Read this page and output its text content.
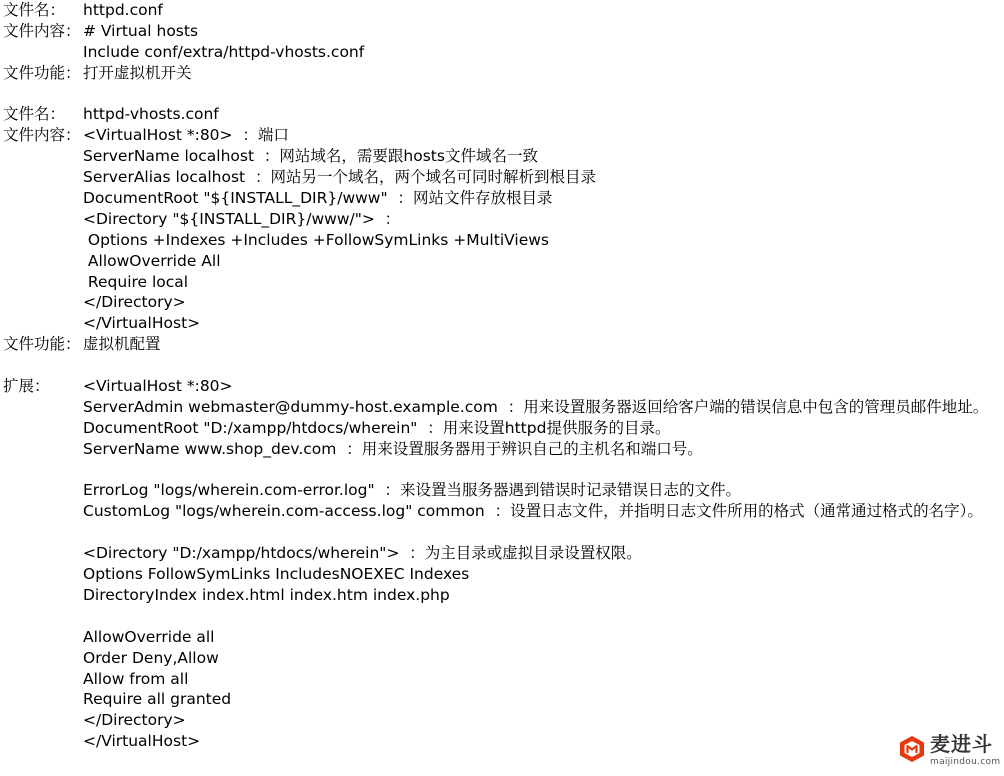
文件名：	httpd.conf
文件内容： # Virtual hosts
Include conf/extra/httpd-vhosts.conf
文件功能： 打开虚拟机开关
文件名：	httpd-vhosts.conf
文件内容： <VirtualHost *:80>  ：端口
ServerName localhost  ：网站域名，需要跟hosts文件域名一致
ServerAlias localhost  ：网站另一个域名，两个域名可同时解析到根目录
DocumentRoot "${INSTALL_DIR}/www"  ：网站文件存放根目录
<Directory "${INSTALL_DIR}/www/">  ：
Options +Indexes +Includes +FollowSymLinks +MultiViews
AllowOverride All
Require local
</Directory>
</VirtualHost>
文件功能： 虚拟机配置
扩展：	<VirtualHost *:80>
ServerAdmin webmaster@dummy-host.example.com  ：用来设置服务器返回给客户端的错误信息中包含的管理员邮件地址。
DocumentRoot "D:/xampp/htdocs/wherein"  ：用来设置httpd提供服务的目录。
ServerName www.shop_dev.com  ：用来设置服务器用于辨识自己的主机名和端口号。
ErrorLog "logs/wherein.com-error.log"  ：来设置当服务器遇到错误时记录错误日志的文件。
CustomLog "logs/wherein.com-access.log" common  ：设置日志文件，并指明日志文件所用的格式（通常通过格式的名字）。
<Directory "D:/xampp/htdocs/wherein">  ：为主目录或虚拟目录设置权限。
Options FollowSymLinks IncludesNOEXEC Indexes
DirectoryIndex index.html index.htm index.php
AllowOverride all
Order Deny,Allow
Allow from all
Require all granted
</Directory>
</VirtualHost>	麦进斗
maijindou.com
